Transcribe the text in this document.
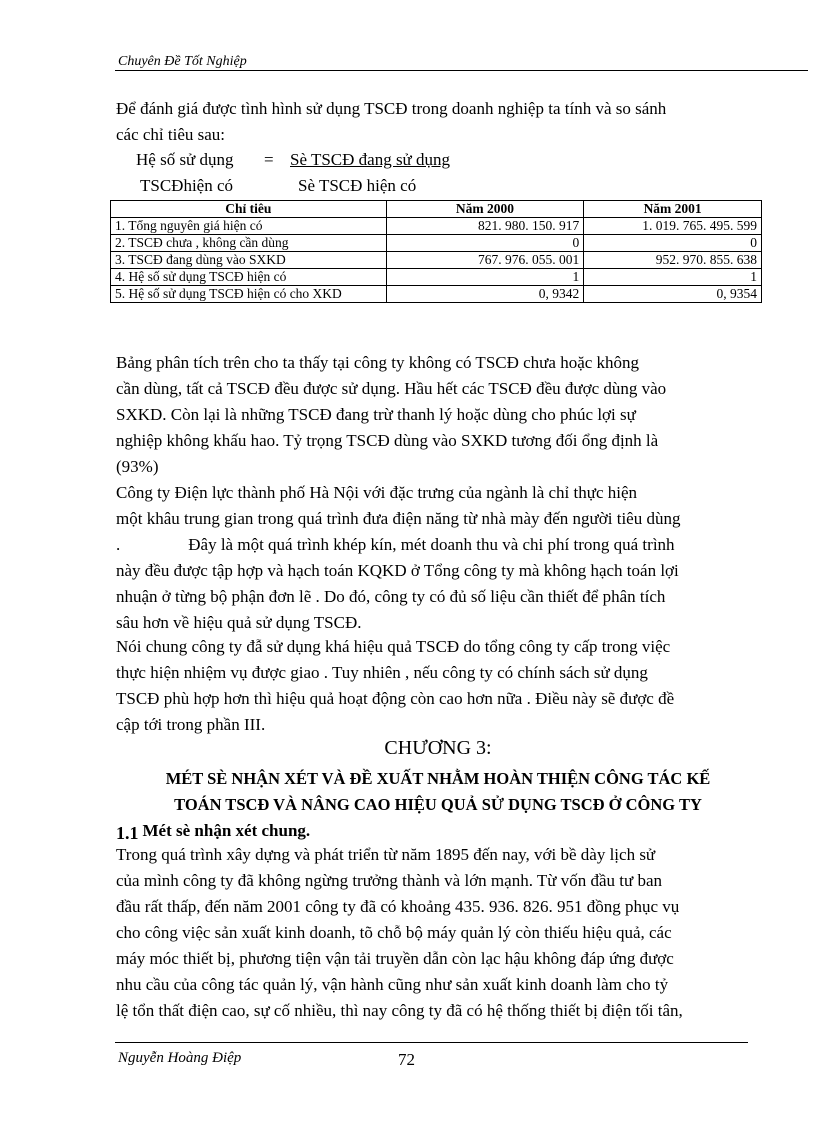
Chuyên Đề Tốt Nghiệp
Để đánh giá được tình hình sử dụng TSCĐ trong doanh nghiệp ta tính và so sánh
các chỉ tiêu sau:
Hệ số sử dụng = Sè TSCĐ đang sử dụng
TSCĐhiện có	Sè TSCĐ hiện có
Chỉ tiêu	Năm 2000	Năm 2001
1. Tổng nguyên giá hiện có	821. 980. 150. 917	1. 019. 765. 495. 599
2. TSCĐ chưa , không cần dùng	0	0
3. TSCĐ đang dùng vào SXKD	767. 976. 055. 001	952. 970. 855. 638
4. Hệ số sử dụng TSCĐ hiện có	1	1
5. Hệ số sử dụng TSCĐ hiện có cho XKD	0, 9342	0, 9354
Bảng phân tích trên cho ta thấy tại công ty không có TSCĐ chưa hoặc không
cần dùng, tất cả TSCĐ đều được sử dụng. Hầu hết các TSCĐ đều được dùng vào
SXKD. Còn lại là những TSCĐ đang trừ thanh lý hoặc dùng cho phúc lợi sự
nghiệp không khấu hao. Tỷ trọng TSCĐ dùng vào SXKD tương đối ổng định là
(93%)
Công ty Điện lực thành phố Hà Nội với đặc trưng của ngành là chỉ thực hiện
một khâu trung gian trong quá trình đưa điện năng từ nhà mày đến người tiêu dùng
.                Đây là một quá trình khép kín, mét doanh thu và chi phí trong quá trình
này đều được tập hợp và hạch toán KQKD ở Tổng công ty mà không hạch toán lợi
nhuận ở từng bộ phận đơn lẽ . Do đó, công ty có đủ số liệu cần thiết để phân tích
sâu hơn về hiệu quả sử dụng TSCĐ.
Nói chung công ty đẫ sử dụng khá hiệu quả TSCĐ do tổng công ty cấp trong việc
thực hiện nhiệm vụ được giao . Tuy nhiên , nếu công ty có chính sách sử dụng
TSCĐ phù hợp hơn thì hiệu quả hoạt động còn cao hơn nữa . Điều này sẽ được đề
cập tới trong phần III.
CHƯƠNG 3:
MÉT SÈ NHẬN XÉT VÀ ĐỀ XUẤT NHẰM HOÀN THIỆN CÔNG TÁC KẾ
TOÁN TSCĐ VÀ NÂNG CAO HIỆU QUẢ SỬ DỤNG TSCĐ Ở CÔNG TY
1.1 Mét sè nhận xét chung.
Trong quá trình xây dựng và phát triển từ năm 1895 đến nay, với bề dày lịch sử
của mình công ty đã không ngừng trưởng thành và lớn mạnh. Từ vốn đầu tư ban
đầu rất thấp, đến năm 2001 công ty đã có khoảng 435. 936. 826. 951 đồng phục vụ
cho công việc sản xuất kinh doanh, tõ chỗ bộ máy quản lý còn thiếu hiệu quả, các
máy móc thiết bị, phương tiện vận tải truyền dẫn còn lạc hậu không đáp ứng được
nhu cầu của công tác quản lý, vận hành cũng như sản xuất kinh doanh làm cho tỷ
lệ tổn thất điện cao, sự cố nhiều, thì nay công ty đã có hệ thống thiết bị điện tối tân,
Nguyễn Hoàng Điệp	72
